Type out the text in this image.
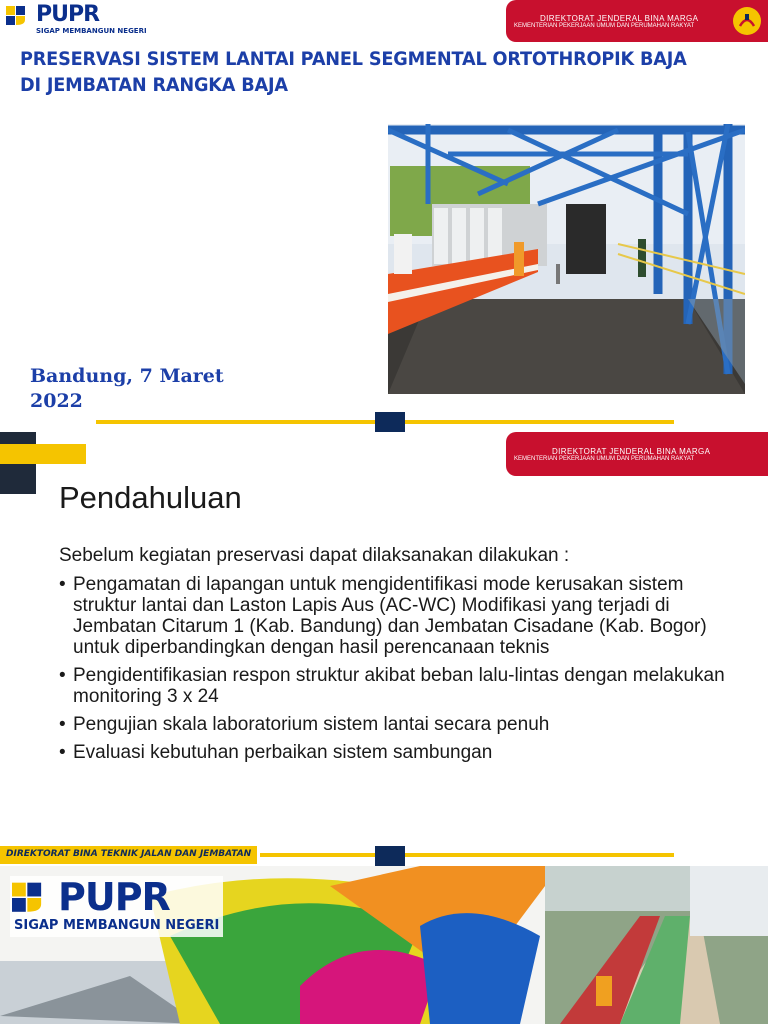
PUPR
SIGAP MEMBANGUN NEGERI
DIREKTORAT JENDERAL BINA MARGA
KEMENTERIAN PEKERJAAN UMUM DAN PERUMAHAN RAKYAT
PRESERVASI SISTEM LANTAI PANEL SEGMENTAL ORTOTHROPIK BAJA DI JEMBATAN RANGKA BAJA
Bandung, 7 Maret 2022
DIREKTORAT JENDERAL BINA MARGA
KEMENTERIAN PEKERJAAN UMUM DAN PERUMAHAN RAKYAT
Pendahuluan
Sebelum kegiatan preservasi dapat dilaksanakan dilakukan :
• Pengamatan di lapangan untuk mengidentifikasi mode kerusakan sistem struktur lantai dan Laston Lapis Aus (AC-WC) Modifikasi yang terjadi di Jembatan Citarum 1 (Kab. Bandung) dan Jembatan Cisadane (Kab. Bogor) untuk diperbandingkan dengan hasil perencanaan teknis
• Pengidentifikasian respon struktur akibat beban lalu-lintas dengan melakukan monitoring 3 x 24
• Pengujian skala laboratorium sistem lantai secara penuh
• Evaluasi kebutuhan perbaikan sistem sambungan
DIREKTORAT BINA TEKNIK JALAN DAN JEMBATAN
PUPR
SIGAP MEMBANGUN NEGERI
